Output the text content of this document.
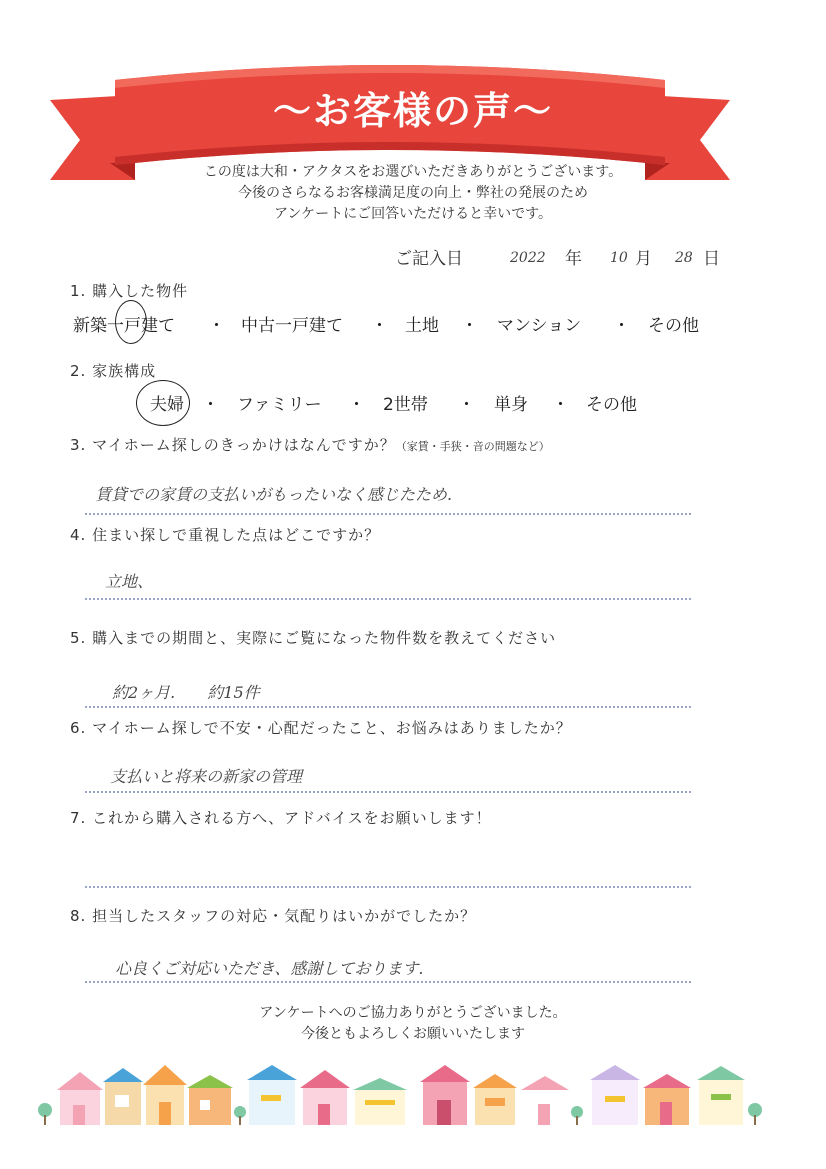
〜お客様の声〜
この度は大和・アクタスをお選びいただきありがとうございます。
今後のさらなるお客様満足度の向上・弊社の発展のため
アンケートにご回答いただけると幸いです。
ご記入日	2022 年 10 月 28 日
1. 購入した物件
新築一戸建て ・ 中古一戸建て ・ 土地 ・ マンション ・ その他
2. 家族構成
夫婦 ・ ファミリー ・ 2世帯 ・ 単身 ・ その他
3. マイホーム探しのきっかけはなんですか？（家賃・手狭・音の問題など）
賃貸での家賃の支払いがもったいなく感じたため.
4. 住まい探しで重視した点はどこですか？
立地、
5. 購入までの期間と、実際にご覧になった物件数を教えてください
約2ヶ月.　　約15件
6. マイホーム探しで不安・心配だったこと、お悩みはありましたか？
支払いと将来の新家の管理
7. これから購入される方へ、アドバイスをお願いします！
8. 担当したスタッフの対応・気配りはいかがでしたか？
心良くご対応いただき、感謝しております.
アンケートへのご協力ありがとうございました。
今後ともよろしくお願いいたします
